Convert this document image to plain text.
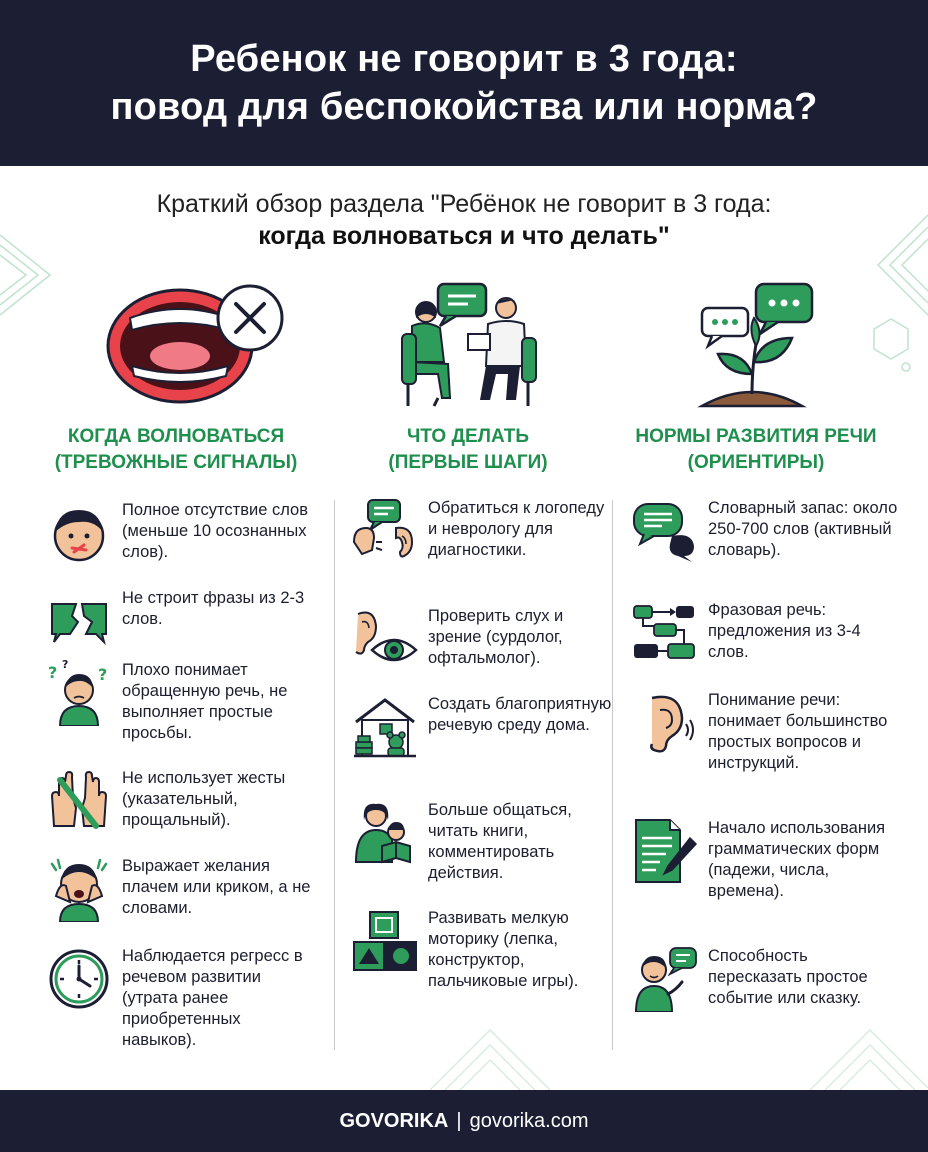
Ребенок не говорит в 3 года:
повод для беспокойства или норма?
Краткий обзор раздела "Ребёнок не говорит в 3 года:
когда волноваться и что делать"
КОГДА ВОЛНОВАТЬСЯ
(ТРЕВОЖНЫЕ СИГНАЛЫ)
ЧТО ДЕЛАТЬ
(ПЕРВЫЕ ШАГИ)
НОРМЫ РАЗВИТИЯ РЕЧИ
(ОРИЕНТИРЫ)
Полное отсутствие слов (меньше 10 осознанных слов).
Не строит фразы из 2-3 слов.
? ?
? Плохо понимает обращенную речь, не выполняет простые просьбы.
Не использует жесты (указательный, прощальный).
Выражает желания плачем или криком, а не словами.
Наблюдается регресс в речевом развитии (утрата ранее приобретенных навыков).
Обратиться к логопеду и неврологу для диагностики.
Проверить слух и зрение (сурдолог, офтальмолог).
Создать благоприятную речевую среду дома.
Больше общаться, читать книги, комментировать действия.
Развивать мелкую моторику (лепка, конструктор, пальчиковые игры).
Словарный запас: около 250-700 слов (активный словарь).
Фразовая речь: предложения из 3-4 слов.
Понимание речи: понимает большинство простых вопросов и инструкций.
Начало использования грамматических форм (падежи, числа, времена).
Способность пересказать простое событие или сказку.
GOVORIKA | govorika.com
